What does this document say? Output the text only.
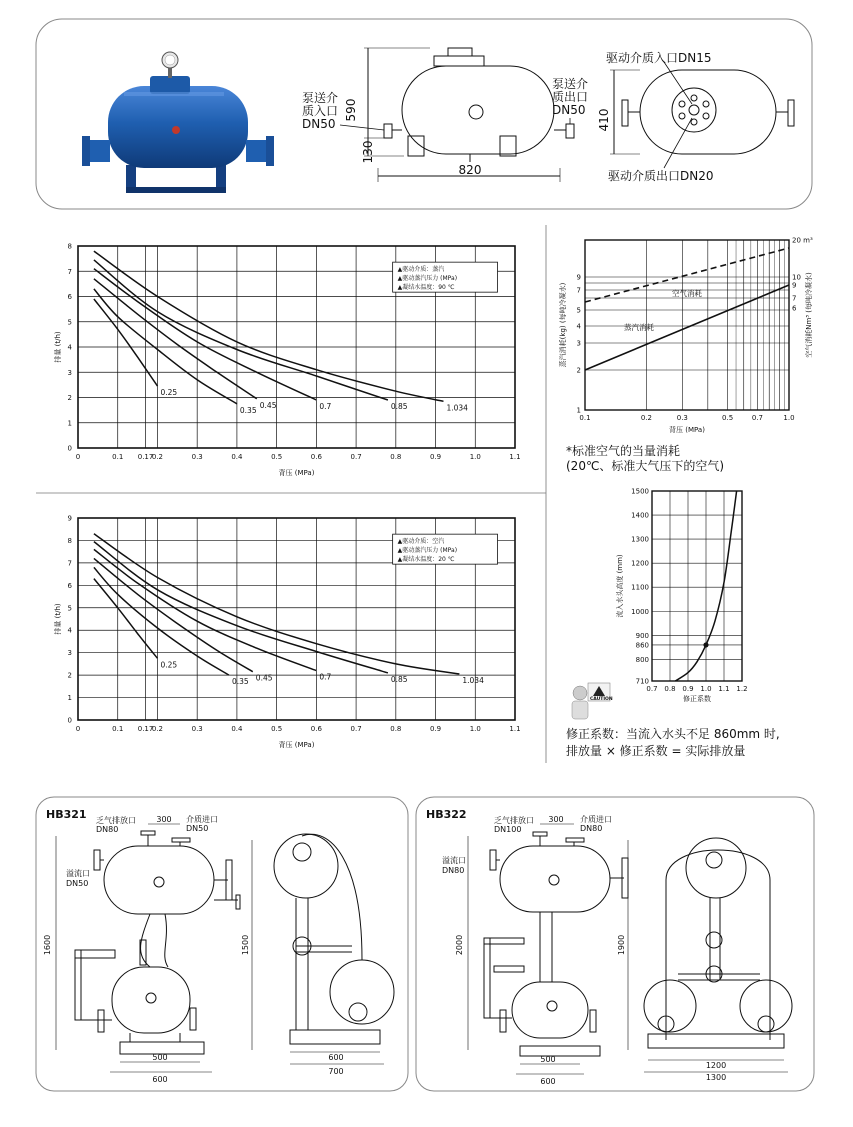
590
130
820
泵送介
质入口
DN50
泵送介
质出口
DN50 410
驱动介质入口DN15
驱动介质出口DN20
0	0.1 0.17
0.2	0.3	0.4	0.5	0.6	0.7	0.8	0.9	1.0	1.1
0
1
2
3
4
5
6
7
8
背压 (MPa)
排量 (t/h)
0.25
0.35
0.45	0.7	0.85	1.034
▲驱动介质：蒸汽
▲驱动蒸汽压力 (MPa)
▲凝结水温度：90 ℃
0	0.1 0.17
0.2	0.3	0.4	0.5	0.6	0.7	0.8	0.9	1.0	1.1
0
1
2
3
4
5
6
7
8
9
背压 (MPa)
排量 (t/h)
0.25
0.35 0.45	0.7	0.85	1.034
▲驱动介质：空汽
▲驱动蒸汽压力 (MPa)
▲凝结水温度：20 ℃
0.1	0.2	0.3	0.5	0.7	1.0
1
2
3
4
5
7
9
20 m³
10
9
7
6
背压 (MPa)
蒸汽消耗(kg) (每吨冷凝水)	空气消耗Nm³ (每吨冷凝水)
空气消耗
蒸汽消耗
0.7 0.8 0.9 1.0 1.1 1.2
710
800
860
900
1000
1100
1200
1300
1400
1500
修正系数
流入水头高度 (mm)
CAUTION
HB321 乏气排放口
DN80
300 介质进口
DN50
溢流口
DN50
1600	1500
500
600
600
700
HB322	乏气排放口
DN100
300 介质进口
DN80
溢流口
DN80
2000	1900
500
600
1200
1300
*标准空气的当量消耗
(20℃、标准大气压下的空气)
修正系数：当流入水头不足 860mm 时,
排放量 × 修正系数 = 实际排放量
